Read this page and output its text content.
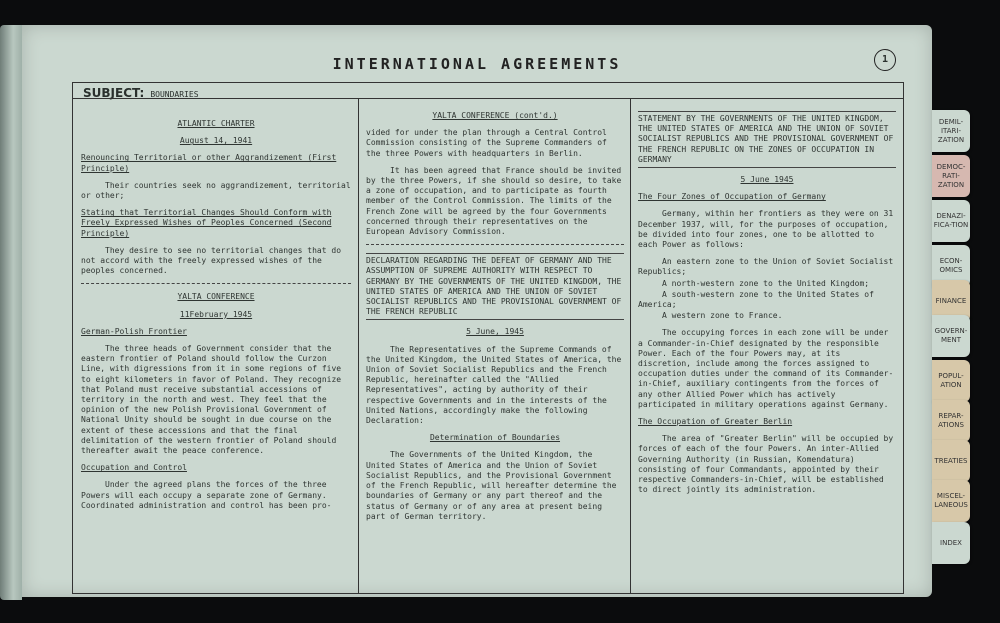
INTERNATIONAL AGREEMENTS	1
SUBJECT: BOUNDARIES

ATLANTIC CHARTER

August 14, 1941

Renouncing Territorial or other Aggrandizement (First Principle)

Their countries seek no aggrandizement, territorial or other;

Stating that Territorial Changes Should Conform with Freely Expressed Wishes of Peoples Concerned (Second Principle)

They desire to see no territorial changes that do not accord with the freely expressed wishes of the peoples concerned.

YALTA CONFERENCE

11February 1945

German-Polish Frontier

The three heads of Government consider that the eastern frontier of Poland should follow the Curzon Line, with digressions from it in some regions of five to eight kilometers in favor of Poland. They recognize that Poland must receive substantial accessions of territory in the north and west. They feel that the opinion of the new Polish Provisional Government of National Unity should be sought in due course on the extent of these accessions and that the final delimitation of the western frontier of Poland should thereafter await the peace conference.

Occupation and Control

Under the agreed plans the forces of the three Powers will each occupy a separate zone of Germany. Coordinated administration and control has been pro-

YALTA CONFERENCE (cont'd.)

vided for under the plan through a Central Control Commission consisting of the Supreme Commanders of the three Powers with headquarters in Berlin.

It has been agreed that France should be invited by the three Powers, if she should so desire, to take a zone of occupation, and to participate as fourth member of the Control Commission. The limits of the French Zone will be agreed by the four Governments concerned through their representatives on the European Advisory Commission.

DECLARATION REGARDING THE DEFEAT OF GERMANY AND THE ASSUMPTION OF SUPREME AUTHORITY WITH RESPECT TO GERMANY BY THE GOVERNMENTS OF THE UNITED KINGDOM, THE UNITED STATES OF AMERICA AND THE UNION OF SOVIET SOCIALIST REPUBLICS AND THE PROVISIONAL GOVERNMENT OF THE FRENCH REPUBLIC

5 June, 1945

The Representatives of the Supreme Commands of the United Kingdom, the United States of America, the Union of Soviet Socialist Republics and the French Republic, hereinafter called the "Allied Representatives", acting by authority of their respective Governments and in the interests of the United Nations, accordingly make the following Declaration:

Determination of Boundaries

The Governments of the United Kingdom, the United States of America and the Union of Soviet Socialist Republics, and the Provisional Government of the French Republic, will hereafter determine the boundaries of Germany or any part thereof and the status of Germany or of any area at present being part of German territory.

STATEMENT BY THE GOVERNMENTS OF THE UNITED KINGDOM, THE UNITED STATES OF AMERICA AND THE UNION OF SOVIET SOCIALIST REPUBLICS AND THE PROVISIONAL GOVERNMENT OF THE FRENCH REPUBLIC ON THE ZONES OF OCCUPATION IN GERMANY

5 June 1945

The Four Zones of Occupation of Germany

Germany, within her frontiers as they were on 31 December 1937, will, for the purposes of occupation, be divided into four zones, one to be allotted to each Power as follows:

An eastern zone to the Union of Soviet Socialist Republics;

A north-western zone to the United Kingdom;

A south-western zone to the United States of America;

A western zone to France.

The occupying forces in each zone will be under a Commander-in-Chief designated by the responsible Power. Each of the four Powers may, at its discretion, include among the forces assigned to occupation duties under the command of its Commander-in-Chief, auxiliary contingents from the forces of any other Allied Power which has actively participated in military operations against Germany.

The Occupation of Greater Berlin

The area of "Greater Berlin" will be occupied by forces of each of the four Powers. An inter-Allied Governing Authority (in Russian, Komendatura) consisting of four Commandants, appointed by their respective Commanders-in-Chief, will be established to direct jointly its administration.

DEMIL-ITARI-ZATION
DEMOC-RATI-ZATION
DENAZI-FICA-TION
ECON-OMICS
FINANCE
GOVERN-MENT
POPUL-ATION
REPAR-ATIONS
TREATIES
MISCEL-LANEOUS
INDEX
